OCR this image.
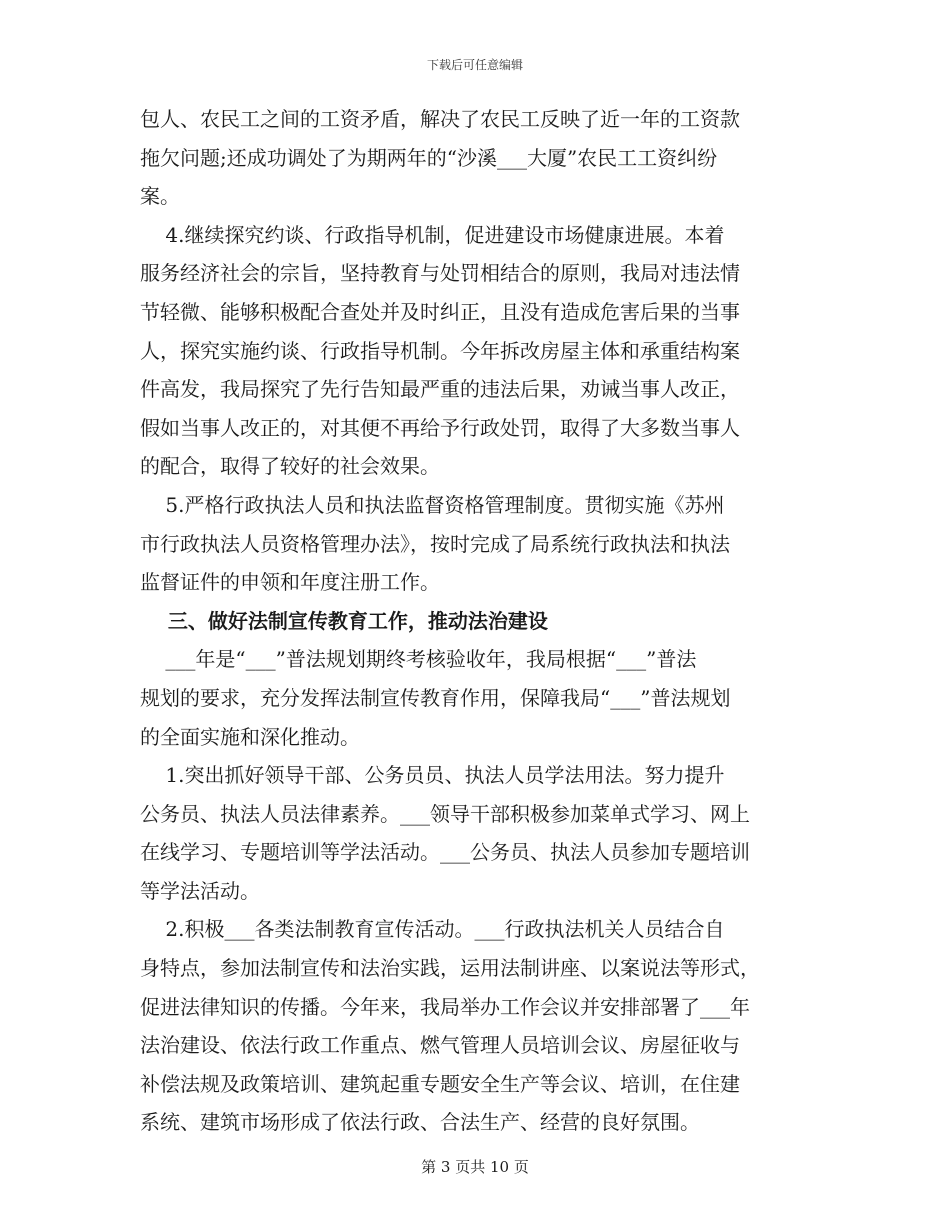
下载后可任意编辑

包人、农民工之间的工资矛盾，解决了农民工反映了近一年的工资款

拖欠问题;还成功调处了为期两年的“沙溪___大厦”农民工工资纠纷

案。

4.继续探究约谈、行政指导机制，促进建设市场健康进展。本着

服务经济社会的宗旨，坚持教育与处罚相结合的原则，我局对违法情

节轻微、能够积极配合查处并及时纠正，且没有造成危害后果的当事

人，探究实施约谈、行政指导机制。今年拆改房屋主体和承重结构案

件高发，我局探究了先行告知最严重的违法后果，劝诫当事人改正，

假如当事人改正的，对其便不再给予行政处罚，取得了大多数当事人

的配合，取得了较好的社会效果。

5.严格行政执法人员和执法监督资格管理制度。贯彻实施《苏州

市行政执法人员资格管理办法》，按时完成了局系统行政执法和执法

监督证件的申领和年度注册工作。

三、做好法制宣传教育工作，推动法治建设

___年是“___”普法规划期终考核验收年，我局根据“___”普法

规划的要求，充分发挥法制宣传教育作用，保障我局“___”普法规划

的全面实施和深化推动。

1.突出抓好领导干部、公务员员、执法人员学法用法。努力提升

公务员、执法人员法律素养。___领导干部积极参加菜单式学习、网上

在线学习、专题培训等学法活动。___公务员、执法人员参加专题培训

等学法活动。

2.积极___各类法制教育宣传活动。___行政执法机关人员结合自

身特点，参加法制宣传和法治实践，运用法制讲座、以案说法等形式，

促进法律知识的传播。今年来，我局举办工作会议并安排部署了___年

法治建设、依法行政工作重点、燃气管理人员培训会议、房屋征收与

补偿法规及政策培训、建筑起重专题安全生产等会议、培训，在住建

系统、建筑市场形成了依法行政、合法生产、经营的良好氛围。

第 3 页共 10 页
